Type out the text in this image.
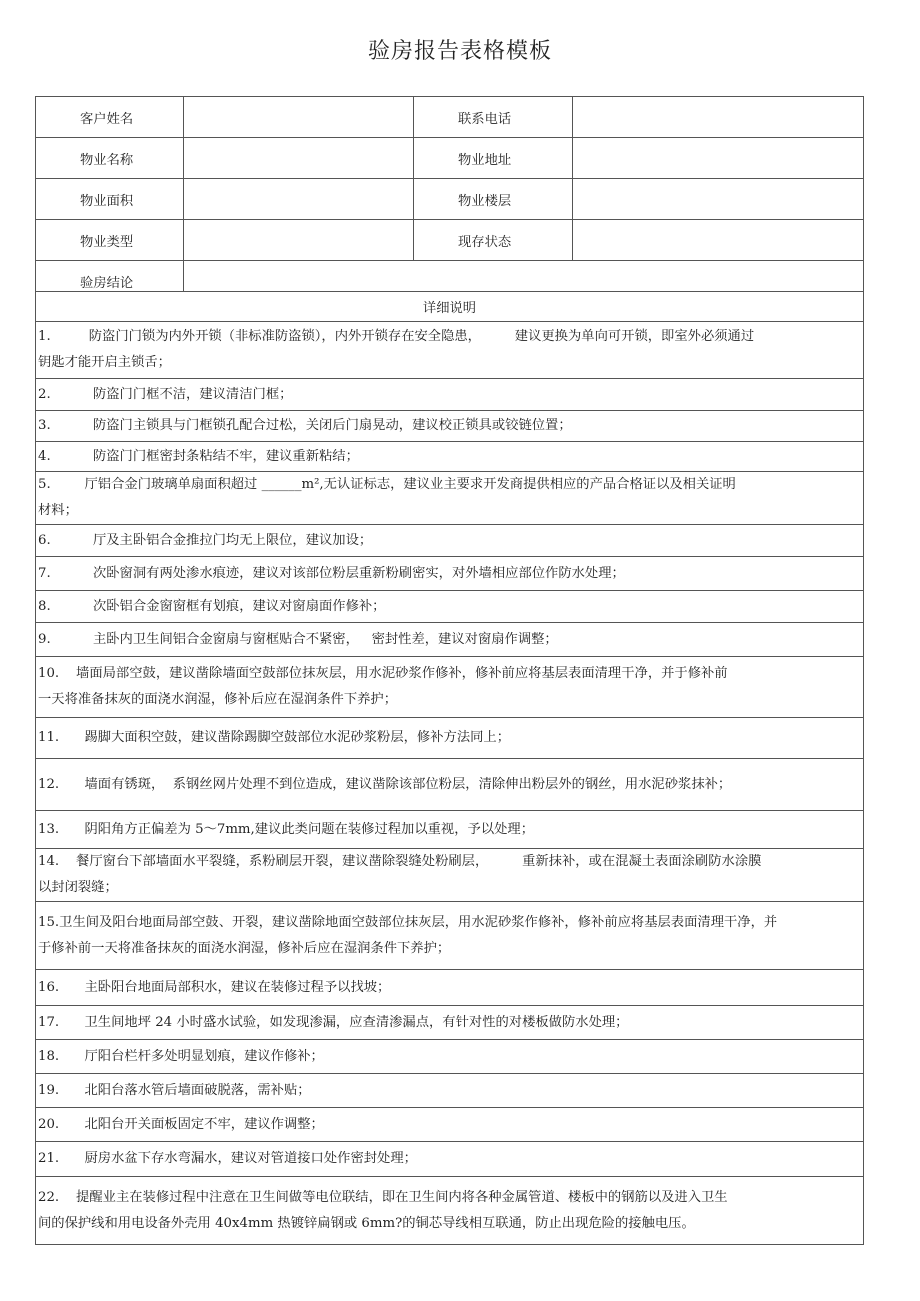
验房报告表格模板
客户姓名		联系电话	
物业名称		物业地址	
物业面积		物业楼层	
物业类型		现存状态	
验房结论			
详细说明			

1.         防盗门门锁为内外开锁（非标准防盗锁），内外开锁存在安全隐患，        建议更换为单向可开锁，即室外必须通过
钥匙才能开启主锁舌；			

2.          防盗门门框不洁，建议清洁门框；			

3.          防盗门主锁具与门框锁孔配合过松，关闭后门扇晃动，建议校正锁具或铰链位置；			

4.          防盗门门框密封条粘结不牢，建议重新粘结；			

5.        厅铝合金门玻璃单扇面积超过 ______m²,无认证标志，建议业主要求开发商提供相应的产品合格证以及相关证明
材料；			

6.          厅及主卧铝合金推拉门均无上限位，建议加设；			

7.          次卧窗洞有两处渗水痕迹，建议对该部位粉层重新粉刷密实，对外墙相应部位作防水处理；			

8.          次卧铝合金窗窗框有划痕，建议对窗扇面作修补；			

9.          主卧内卫生间铝合金窗扇与窗框贴合不紧密，   密封性差，建议对窗扇作调整；			

10.    墙面局部空鼓，建议凿除墙面空鼓部位抹灰层，用水泥砂浆作修补，修补前应将基层表面清理干净，并于修补前
一天将准备抹灰的面浇水润湿，修补后应在湿润条件下养护；			

11.      踢脚大面积空鼓，建议凿除踢脚空鼓部位水泥砂浆粉层，修补方法同上；			

12.      墙面有锈斑，  系钢丝网片处理不到位造成，建议凿除该部位粉层，清除伸出粉层外的钢丝，用水泥砂浆抹补；			

13.      阴阳角方正偏差为 5～7mm,建议此类问题在装修过程加以重视，予以处理；			

14.    餐厅窗台下部墙面水平裂缝，系粉刷层开裂，建议凿除裂缝处粉刷层，        重新抹补，或在混凝土表面涂刷防水涂膜
以封闭裂缝；			

15.卫生间及阳台地面局部空鼓、开裂，建议凿除地面空鼓部位抹灰层，用水泥砂浆作修补，修补前应将基层表面清理干净，并
于修补前一天将准备抹灰的面浇水润湿，修补后应在湿润条件下养护；			

16.      主卧阳台地面局部积水，建议在装修过程予以找坡；			

17.      卫生间地坪 24 小时盛水试验，如发现渗漏，应查清渗漏点，有针对性的对楼板做防水处理；			

18.      厅阳台栏杆多处明显划痕，建议作修补；			

19.      北阳台落水管后墙面破脱落，需补贴；			

20.      北阳台开关面板固定不牢，建议作调整；			

21.      厨房水盆下存水弯漏水，建议对管道接口处作密封处理；			

22.    提醒业主在装修过程中注意在卫生间做等电位联结，即在卫生间内将各种金属管道、楼板中的钢筋以及进入卫生
间的保护线和用电设备外壳用 40x4mm 热镀锌扁钢或 6mm?的铜芯导线相互联通，防止出现危险的接触电压。			
